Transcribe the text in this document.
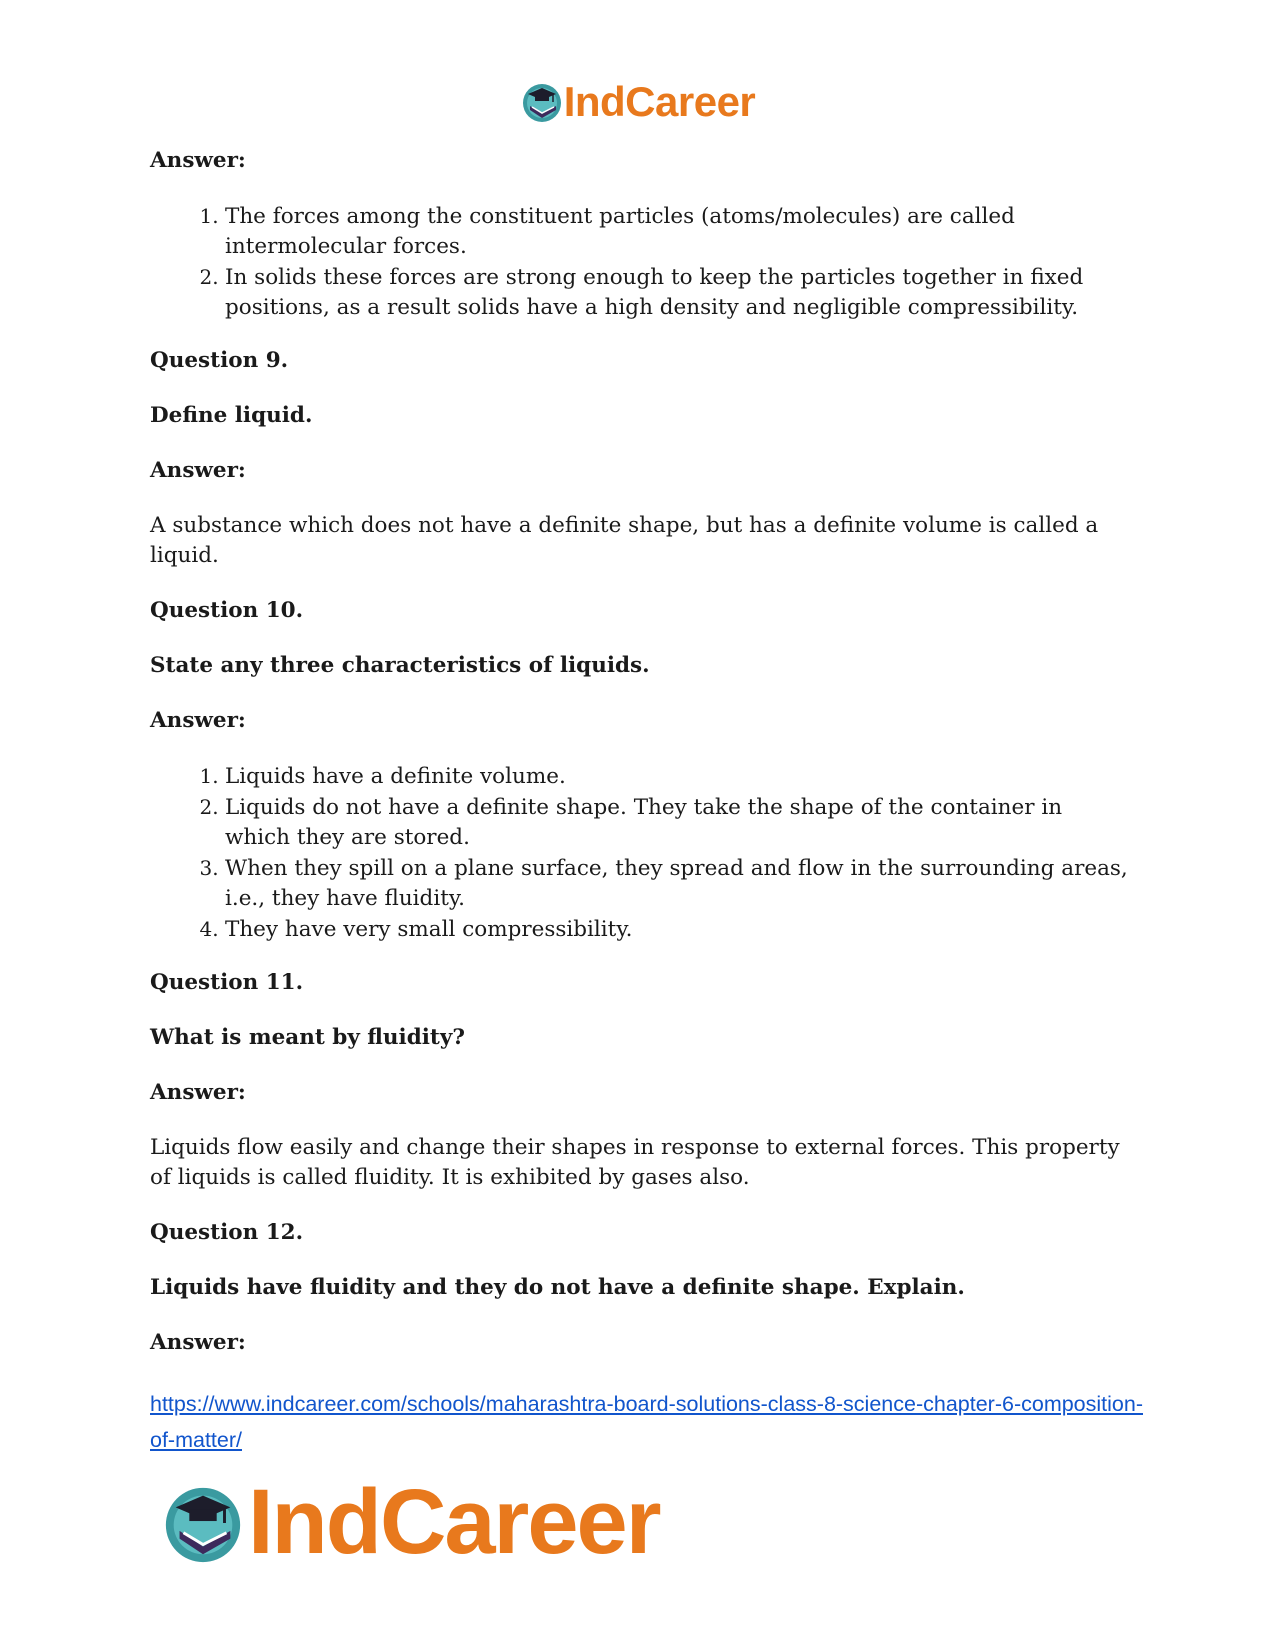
IndCareer

Answer:

1. The forces among the constituent particles (atoms/molecules) are called intermolecular forces.
2. In solids these forces are strong enough to keep the particles together in fixed positions, as a result solids have a high density and negligible compressibility.

Question 9.

Define liquid.

Answer:

A substance which does not have a definite shape, but has a definite volume is called a liquid.

Question 10.

State any three characteristics of liquids.

Answer:

1. Liquids have a definite volume.
2. Liquids do not have a definite shape. They take the shape of the container in which they are stored.
3. When they spill on a plane surface, they spread and flow in the surrounding areas, i.e., they have fluidity.
4. They have very small compressibility.

Question 11.

What is meant by fluidity?

Answer:

Liquids flow easily and change their shapes in response to external forces. This property of liquids is called fluidity. It is exhibited by gases also.

Question 12.

Liquids have fluidity and they do not have a definite shape. Explain.

Answer:

https://www.indcareer.com/schools/maharashtra-board-solutions-class-8-science-chapter-6-composition-of-matter/
IndCareer
